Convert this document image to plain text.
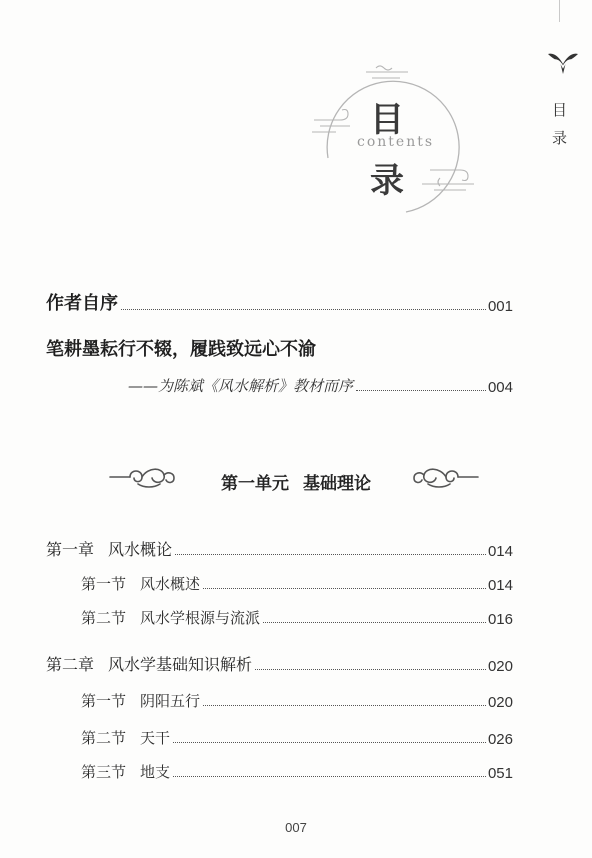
目
录
目
contents
录
作者自序	001
笔耕墨耘行不辍，履践致远心不渝
——为陈斌《风水解析》教材而序	004
第一单元 基础理论
第一章 风水概论	014
第一节 风水概述	014
第二节 风水学根源与流派	016
第二章 风水学基础知识解析	020
第一节 阴阳五行	020
第二节 天干	026
第三节 地支	051
007
